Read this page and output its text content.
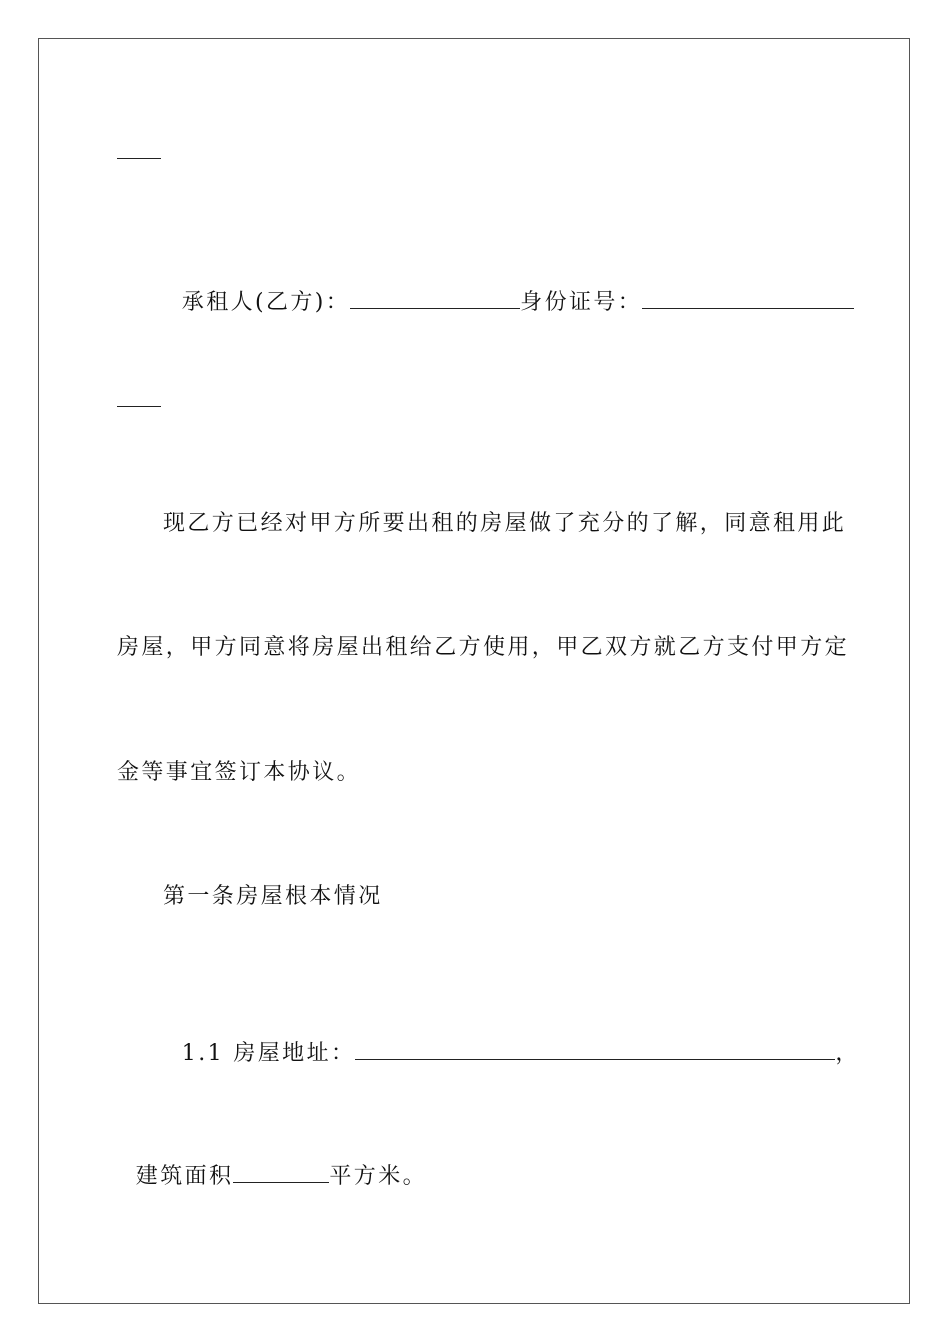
承租人(乙方)：	身份证号：

现乙方已经对甲方所要出租的房屋做了充分的了解，同意租用此
房屋，甲方同意将房屋出租给乙方使用，甲乙双方就乙方支付甲方定
金等事宜签订本协议。
第一条房屋根本情况

1.1 房屋地址：	，

建筑面积	平方米。
